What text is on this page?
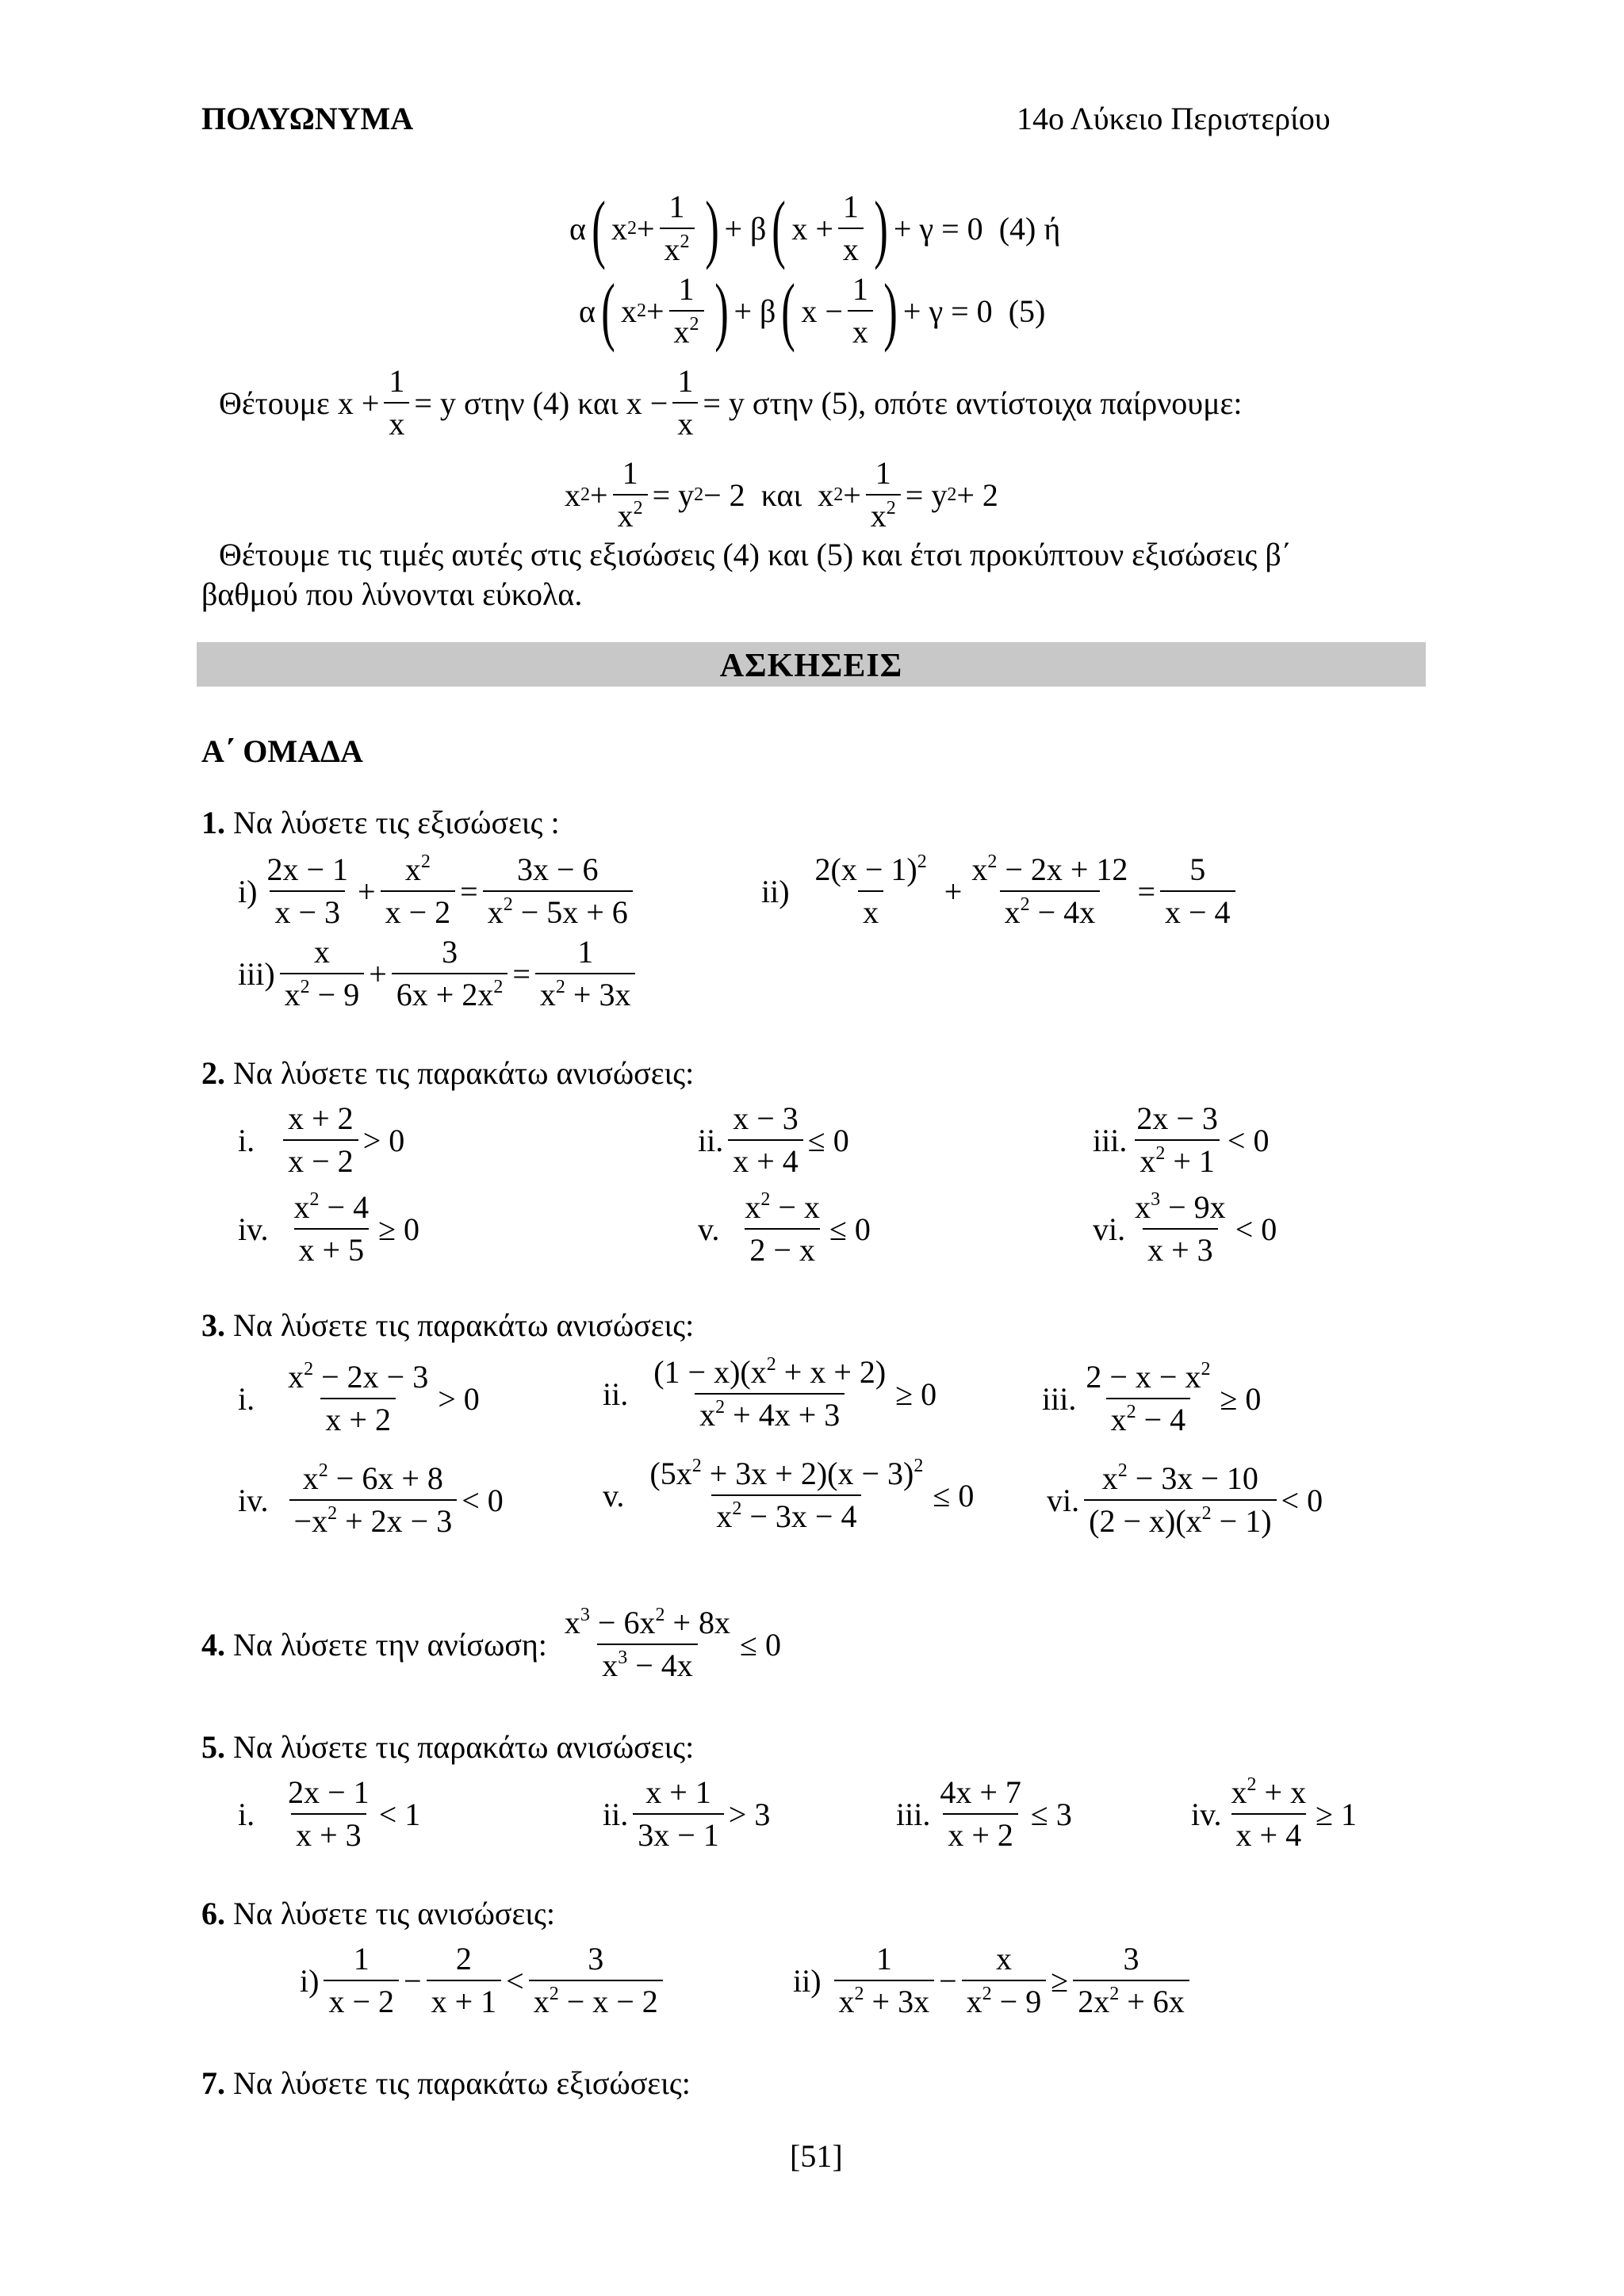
ΠΟΛΥΩΝΥΜΑ	14ο Λύκειο Περιστερίου
α ( x $2 + \frac{1}{x^2}$ ) + β ( $x + \frac{1}{x}$ ) + γ = 0 (4) ή
α ( x $2 + \frac{1}{x^2}$ ) + β ( $x - \frac{1}{x}$ ) + γ = 0 (5)
Θέτουμε $x + \frac{1}{x} = y$ στην (4) και $x - \frac{1}{x} = y$ στην (5), οπότε αντίστοιχα παίρνουμε:
x $2 + \frac{1}{x^2} = y$ 2 − 2 και x $2 + \frac{1}{x^2} = y$ 2 + 2
Θέτουμε τις τιμές αυτές στις εξισώσεις (4) και (5) και έτσι προκύπτουν εξισώσεις β΄
βαθμού που λύνονται εύκολα.
ΑΣΚΗΣΕΙΣ
Α΄ ΟΜΑΔΑ
1. Να λύσετε τις εξισώσεις :
$i) \frac{2x - 1}{x - 3} + \frac{x^2}{x - 2} = \frac{3x - 6}{x^2 - 5x + 6}$	$ii) \frac{2(x - 1)^2}{x} + \frac{x^2 - 2x + 12}{x^2 - 4x} = \frac{5}{x - 4}$
$iii) \frac{x}{x^2 - 9} + \frac{3}{6x + 2x^2} = \frac{1}{x^2 + 3x}$
2. Να λύσετε τις παρακάτω ανισώσεις:
i. $\frac{x + 2}{x - 2} > 0$	ii. $\frac{x - 3}{x + 4} \le 0$	iii. $\frac{2x - 3}{x^2 + 1} < 0$
iv. $\frac{x^2 - 4}{x + 5} \ge 0$	v. $\frac{x^2 - x}{2 - x} \le 0$	vi. $\frac{x^3 - 9x}{x + 3} < 0$
3. Να λύσετε τις παρακάτω ανισώσεις:
i. $\frac{x^2 - 2x - 3}{x + 2} > 0$	ii. $\frac{(1 - x)(x^2 + x + 2)}{x^2 + 4x + 3} \ge 0$	iii. $\frac{2 - x - x^2}{x^2 - 4} \ge 0$
iv. $\frac{x^2 - 6x + 8}{-x^2 + 2x - 3} < 0$	v. $\frac{(5x^2 + 3x + 2)(x - 3)^2}{x^2 - 3x - 4} \le 0$ vi. $\frac{x^2 - 3x - 10}{(2 - x)(x^2 - 1)} < 0$
4. Να λύσετε την ανίσωση: $\frac{x^3 - 6x^2 + 8x}{x^3 - 4x} \le 0$
5. Να λύσετε τις παρακάτω ανισώσεις:
i. $\frac{2x - 1}{x + 3} < 1$	ii. $\frac{x + 1}{3x - 1} > 3$	iii. $\frac{4x + 7}{x + 2} \le 3$	iv. $\frac{x^2 + x}{x + 4} \ge 1$
6. Να λύσετε τις ανισώσεις:
$i) \frac{1}{x - 2} - \frac{2}{x + 1} < \frac{3}{x^2 - x - 2}$	$ii) \frac{1}{x^2 + 3x} - \frac{x}{x^2 - 9} \ge \frac{3}{2x^2 + 6x}$
7. Να λύσετε τις παρακάτω εξισώσεις:
[51]
